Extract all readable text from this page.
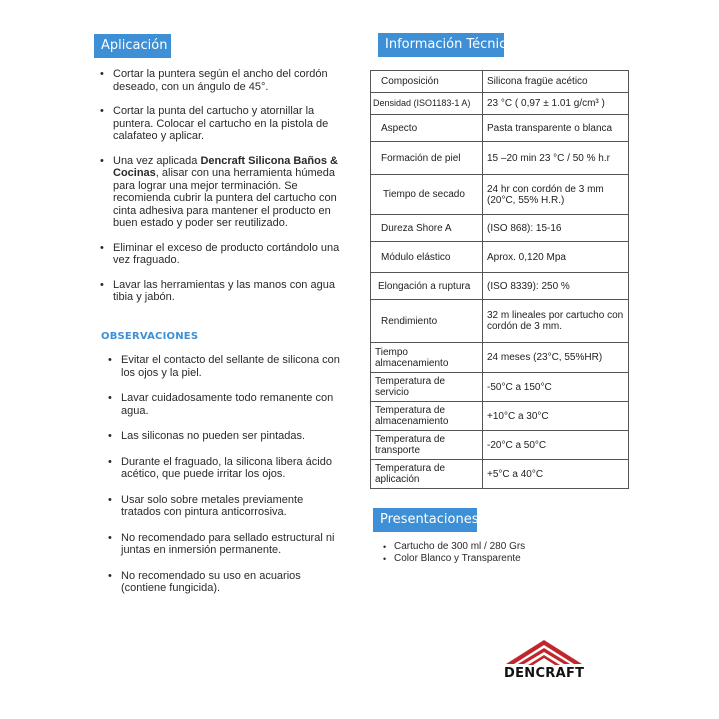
Aplicación
• Cortar la puntera según el ancho del cordón deseado, con un ángulo de 45°.
• Cortar la punta del cartucho y atornillar la puntera. Colocar el cartucho en la pistola de calafateo y aplicar.
• Una vez aplicada Dencraft Silicona Baños & Cocinas, alisar con una herramienta húmeda para lograr una mejor terminación. Se recomienda cubrir la puntera del cartucho con cinta adhesiva para mantener el producto en buen estado y poder ser reutilizado.
• Eliminar el exceso de producto cortándolo una vez fraguado.
• Lavar las herramientas y las manos con agua tibia y jabón.
OBSERVACIONES
• Evitar el contacto del sellante de silicona con los ojos y la piel.
• Lavar cuidadosamente todo remanente con agua.
• Las siliconas no pueden ser pintadas.
• Durante el fraguado, la silicona libera ácido acético, que puede irritar los ojos.
• Usar solo sobre metales previamente tratados con pintura anticorrosiva.
• No recomendado para sellado estructural ni juntas en inmersión permanente.
• No recomendado su uso en acuarios (contiene fungicida).
Información Técnica
Composición	Silicona fragüe acético
Densidad (ISO1183-1 A)	23 °C ( 0,97 ± 1.01 g/cm³ )
Aspecto	Pasta transparente o blanca
Formación de piel	15 –20 min 23 °C / 50 % h.r
Tiempo de secado	24 hr con cordón de 3 mm (20°C, 55% H.R.)
Dureza Shore A	(ISO 868): 15-16
Módulo elástico	Aprox. 0,120 Mpa
Elongación a ruptura	(ISO 8339): 250 %
Rendimiento	32 m lineales por cartucho con cordón de 3 mm.
Tiempo almacenamiento	24 meses (23°C, 55%HR)
Temperatura de servicio	-50°C a 150°C
Temperatura de almacenamiento	+10°C a 30°C
Temperatura de transporte	-20°C a 50°C
Temperatura de aplicación	+5°C a 40°C
Presentaciones
• Cartucho de 300 ml / 280 Grs
• Color Blanco y Transparente
DENCRAFT
